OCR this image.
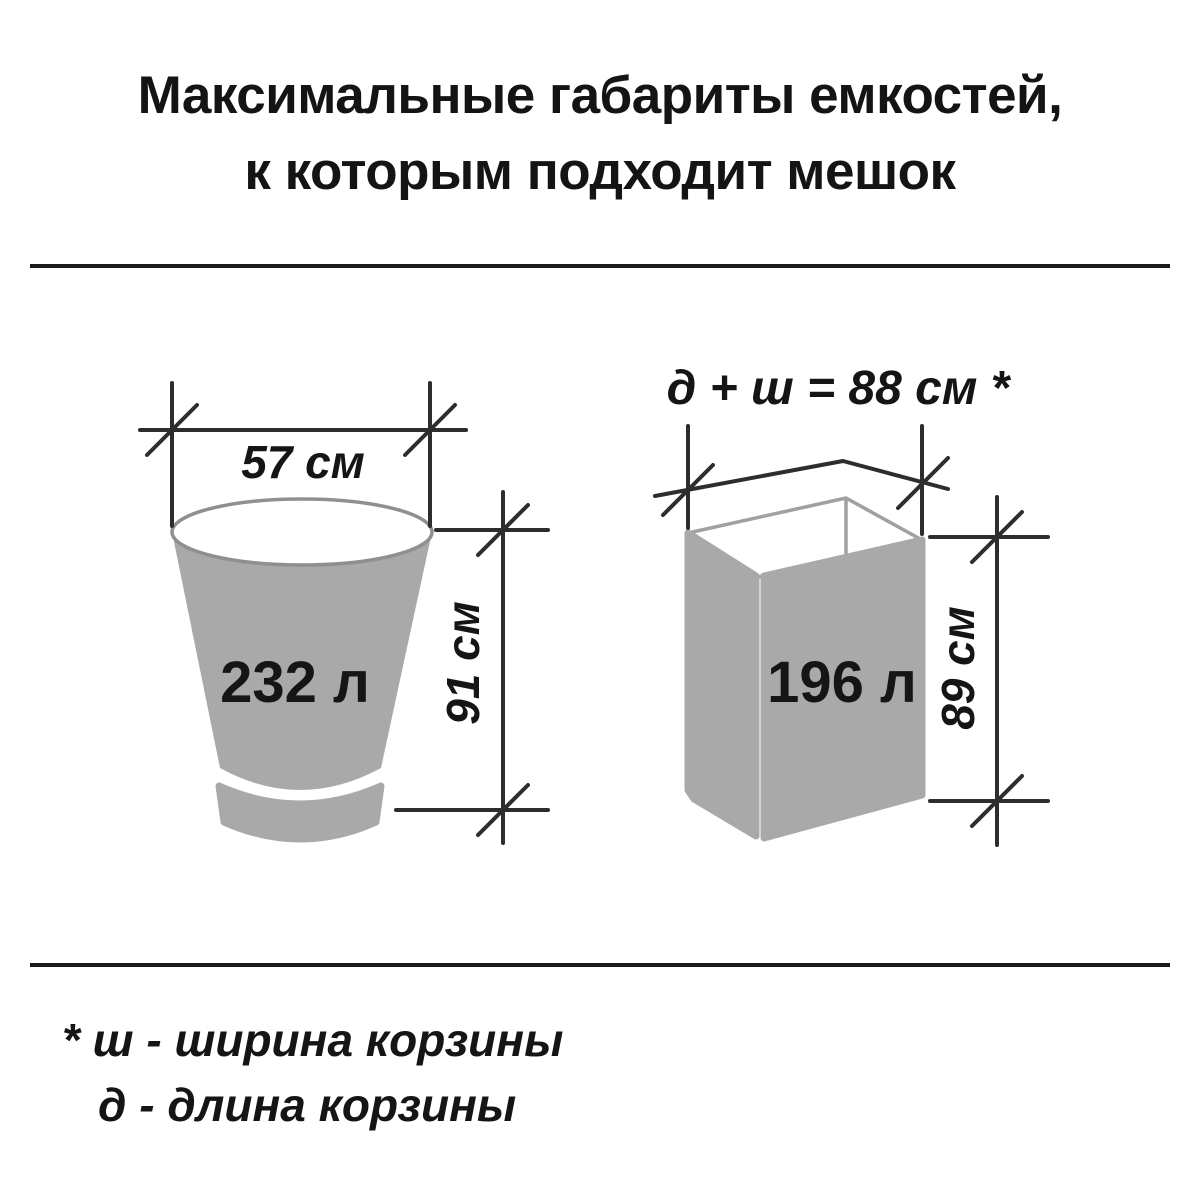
Максимальные габариты емкостей,
к которым подходит мешок
232 л
57 см
91 см	196 л
д + ш = 88 см *
89 см
* ш - ширина корзины
д - длина корзины
